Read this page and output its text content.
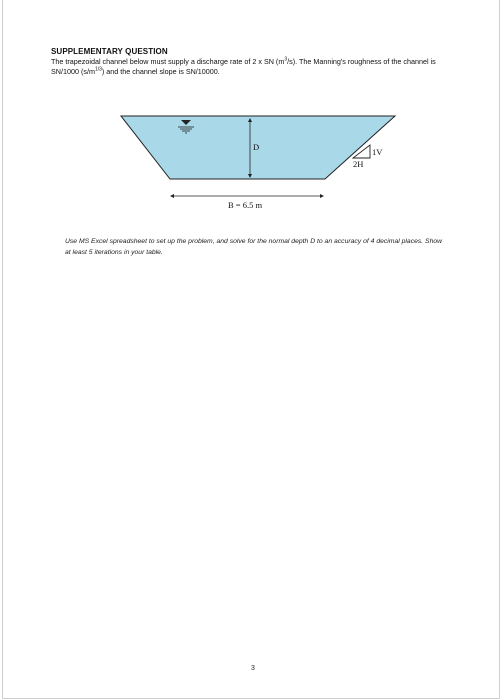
SUPPLEMENTARY QUESTION
The trapezoidal channel below must supply a discharge rate of 2 x SN $(m^3/s)$. The Manning's roughness of the channel is SN/1000 $(s/m^{1/3})$ and the channel slope is SN/10000.
D	1V
2H
B = 6.5 m
Use MS Excel spreadsheet to set up the problem, and solve for the normal depth D to an accuracy of 4 decimal places. Show at least 5 iterations in your table.
3
